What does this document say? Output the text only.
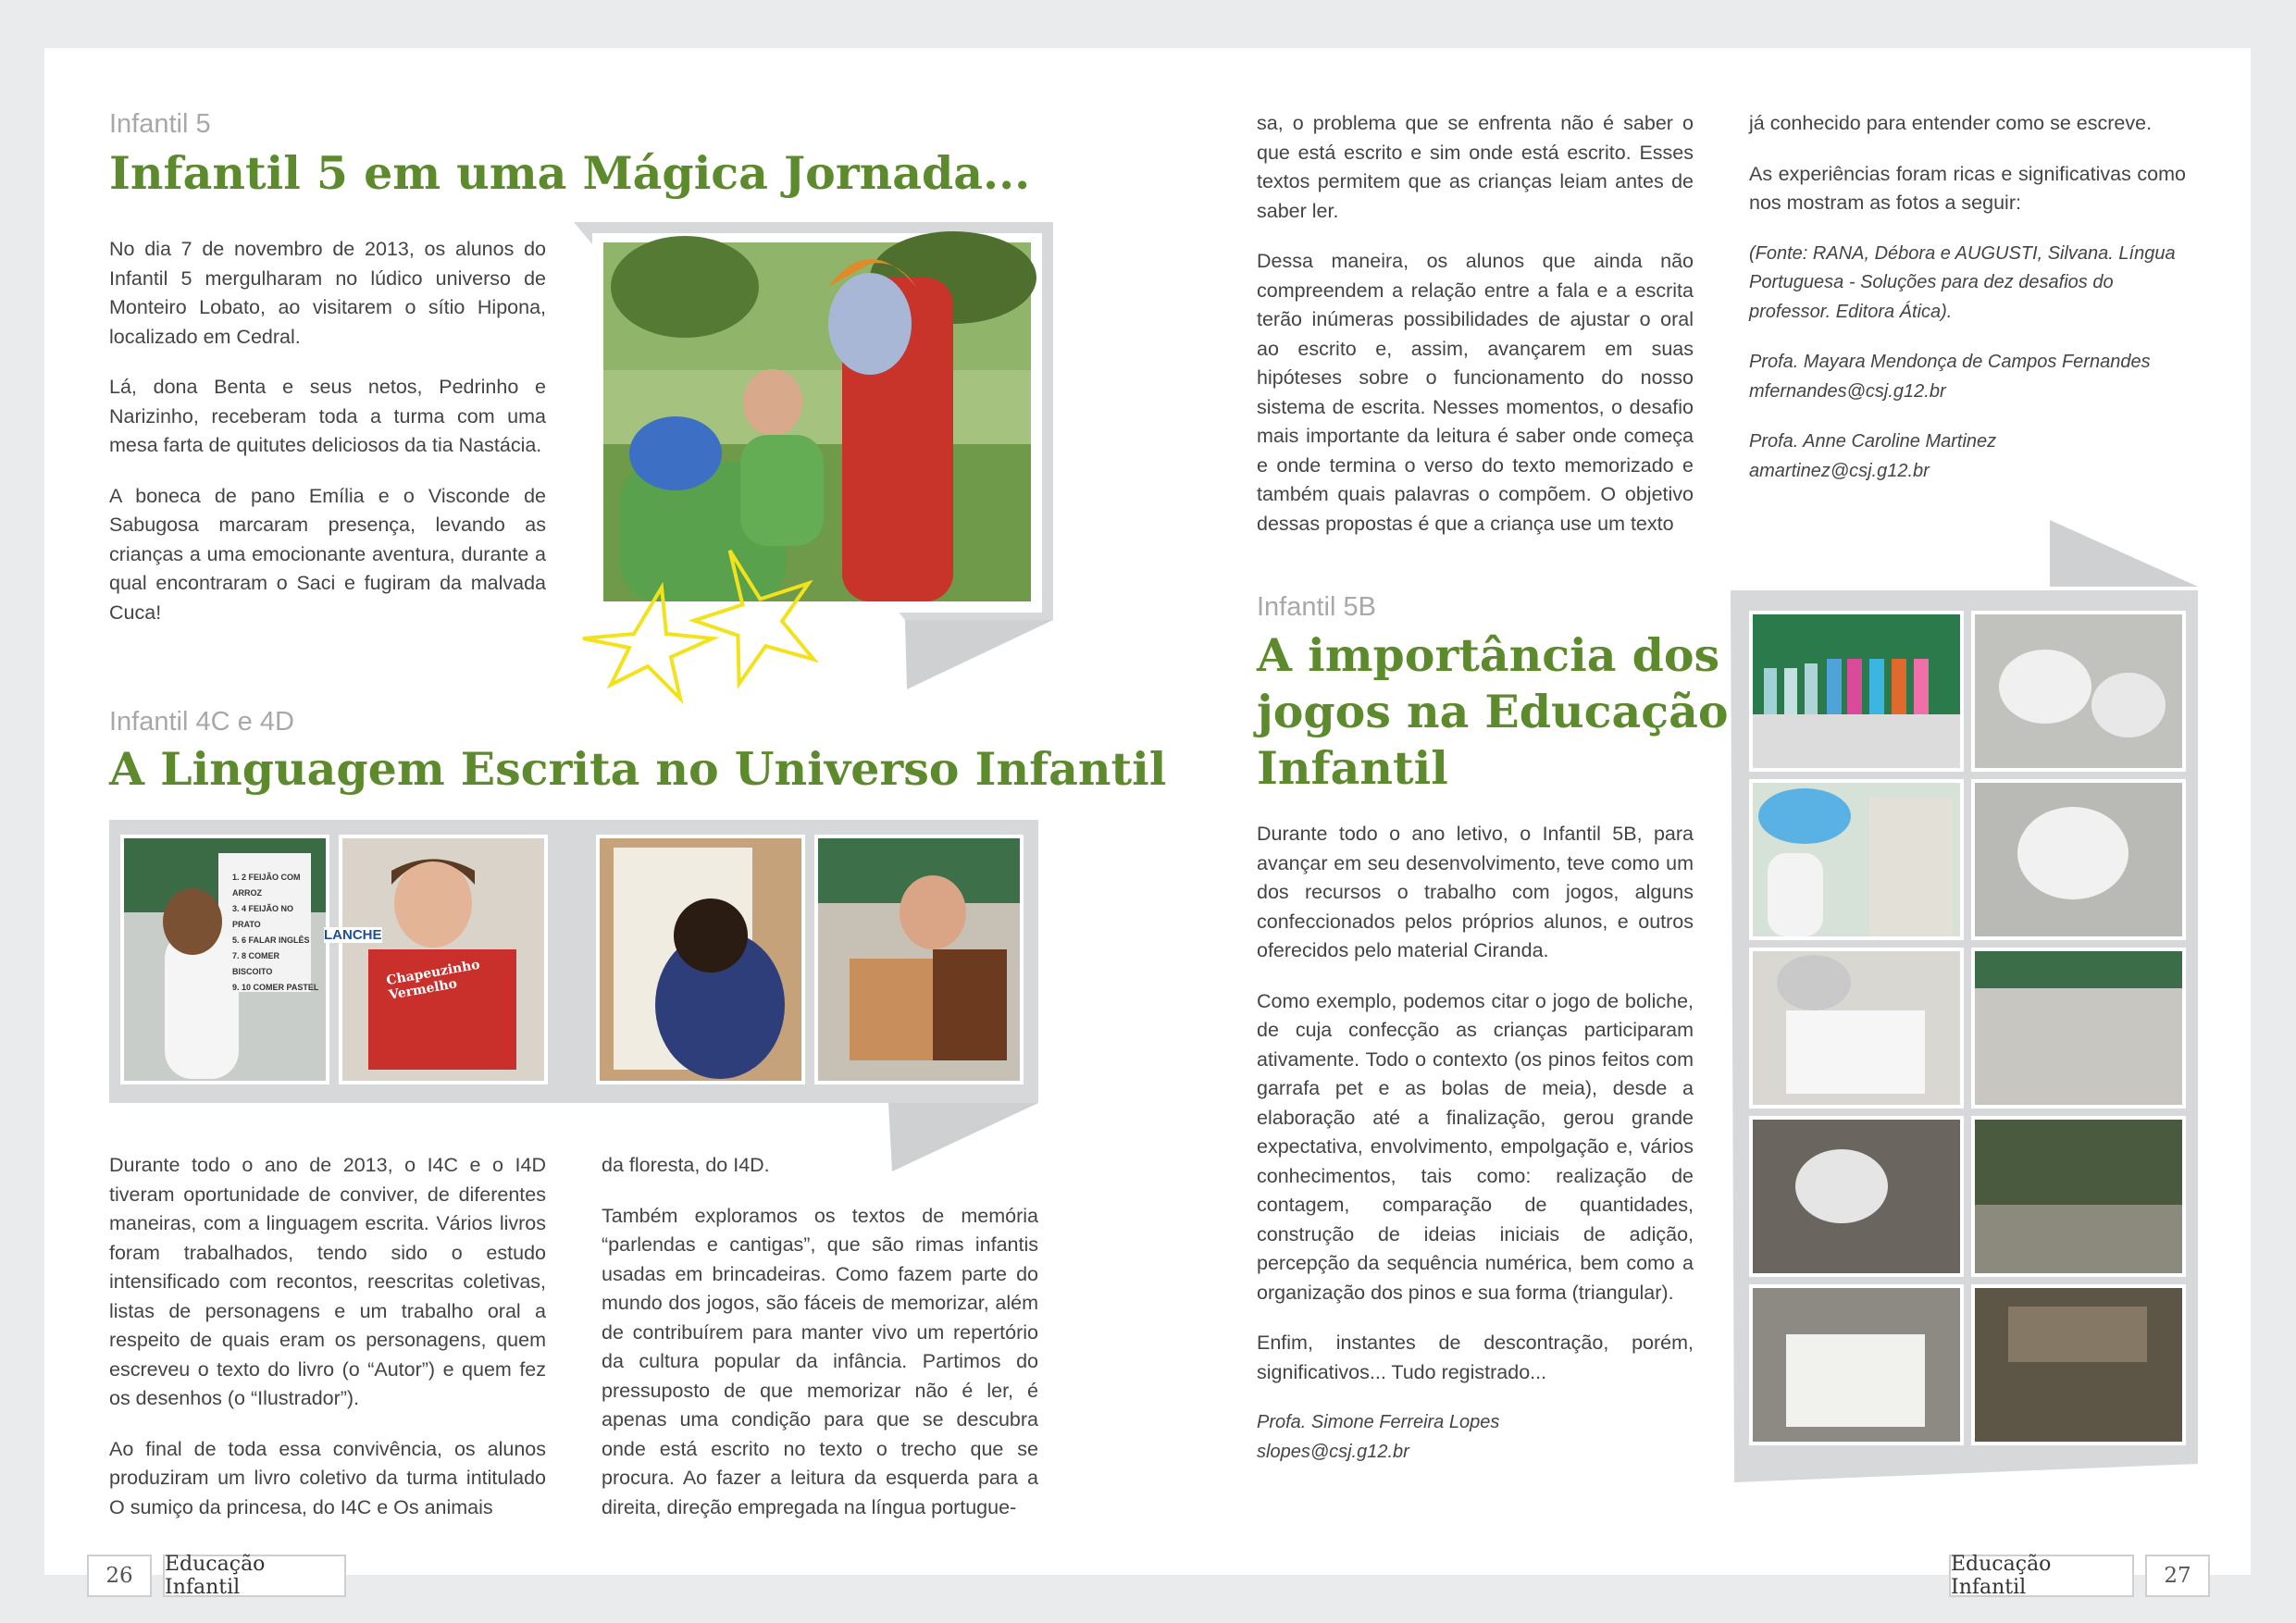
Infantil 5
Infantil 5 em uma Mágica Jornada...

No dia 7 de novembro de 2013, os alunos do Infantil 5 mergulharam no lúdico universo de Monteiro Lobato, ao visitarem o sítio Hipona, localizado em Cedral.

Lá, dona Benta e seus netos, Pedrinho e Narizinho, receberam toda a turma com uma mesa farta de quitutes deliciosos da tia Nastácia.

A boneca de pano Emília e o Visconde de Sabugosa marcaram presença, levando as crianças a uma emocionante aventura, durante a qual encontraram o Saci e fugiram da malvada Cuca!

Infantil 4C e 4D
A Linguagem Escrita no Universo Infantil
1. 2 FEIJÃO COM ARROZ
3. 4 FEIJÃO NO PRATO
5. 6 FALAR INGLÊS
7. 8 COMER BISCOITO
9. 10 COMER PASTEL
LANCHE
Chapeuzinho Vermelho

Durante todo o ano de 2013, o I4C e o I4D tiveram oportunidade de conviver, de diferentes maneiras, com a linguagem escrita. Vários livros foram trabalhados, tendo sido o estudo intensificado com recontos, reescritas coletivas, listas de personagens e um trabalho oral a respeito de quais eram os personagens, quem escreveu o texto do livro (o “Autor”) e quem fez os desenhos (o “Ilustrador”).

Ao final de toda essa convivência, os alunos produziram um livro coletivo da turma intitulado O sumiço da princesa, do I4C e Os animais

da floresta, do I4D.

Também exploramos os textos de memória “parlendas e cantigas”, que são rimas infantis usadas em brincadeiras. Como fazem parte do mundo dos jogos, são fáceis de memorizar, além de contribuírem para manter vivo um repertório da cultura popular da infância. Partimos do pressuposto de que memorizar não é ler, é apenas uma condição para que se descubra onde está escrito no texto o trecho que se procura. Ao fazer a leitura da esquerda para a direita, direção empregada na língua portugue-

26	Educação Infantil

sa, o problema que se enfrenta não é saber o que está escrito e sim onde está escrito. Esses textos permitem que as crianças leiam antes de saber ler.

Dessa maneira, os alunos que ainda não compreendem a relação entre a fala e a escrita terão inúmeras possibilidades de ajustar o oral ao escrito e, assim, avançarem em suas hipóteses sobre o funcionamento do nosso sistema de escrita. Nesses momentos, o desafio mais importante da leitura é saber onde começa e onde termina o verso do texto memorizado e também quais palavras o compõem. O objetivo dessas propostas é que a criança use um texto

já conhecido para entender como se escreve.

As experiências foram ricas e significativas como nos mostram as fotos a seguir:

(Fonte: RANA, Débora e AUGUSTI, Silvana. Língua Portuguesa - Soluções para dez desafios do professor. Editora Ática).

Profa. Mayara Mendonça de Campos Fernandes
mfernandes@csj.g12.br

Profa. Anne Caroline Martinez
amartinez@csj.g12.br

Infantil 5B
A importância dos
jogos na Educação
Infantil

Durante todo o ano letivo, o Infantil 5B, para avançar em seu desenvolvimento, teve como um dos recursos o trabalho com jogos, alguns confeccionados pelos próprios alunos, e outros oferecidos pelo material Ciranda.

Como exemplo, podemos citar o jogo de boliche, de cuja confecção as crianças participaram ativamente. Todo o contexto (os pinos feitos com garrafa pet e as bolas de meia), desde a elaboração até a finalização, gerou grande expectativa, envolvimento, empolgação e, vários conhecimentos, tais como: realização de contagem, comparação de quantidades, construção de ideias iniciais de adição, percepção da sequência numérica, bem como a organização dos pinos e sua forma (triangular).

Enfim, instantes de descontração, porém, significativos... Tudo registrado...

Profa. Simone Ferreira Lopes
slopes@csj.g12.br

Educação Infantil	27
